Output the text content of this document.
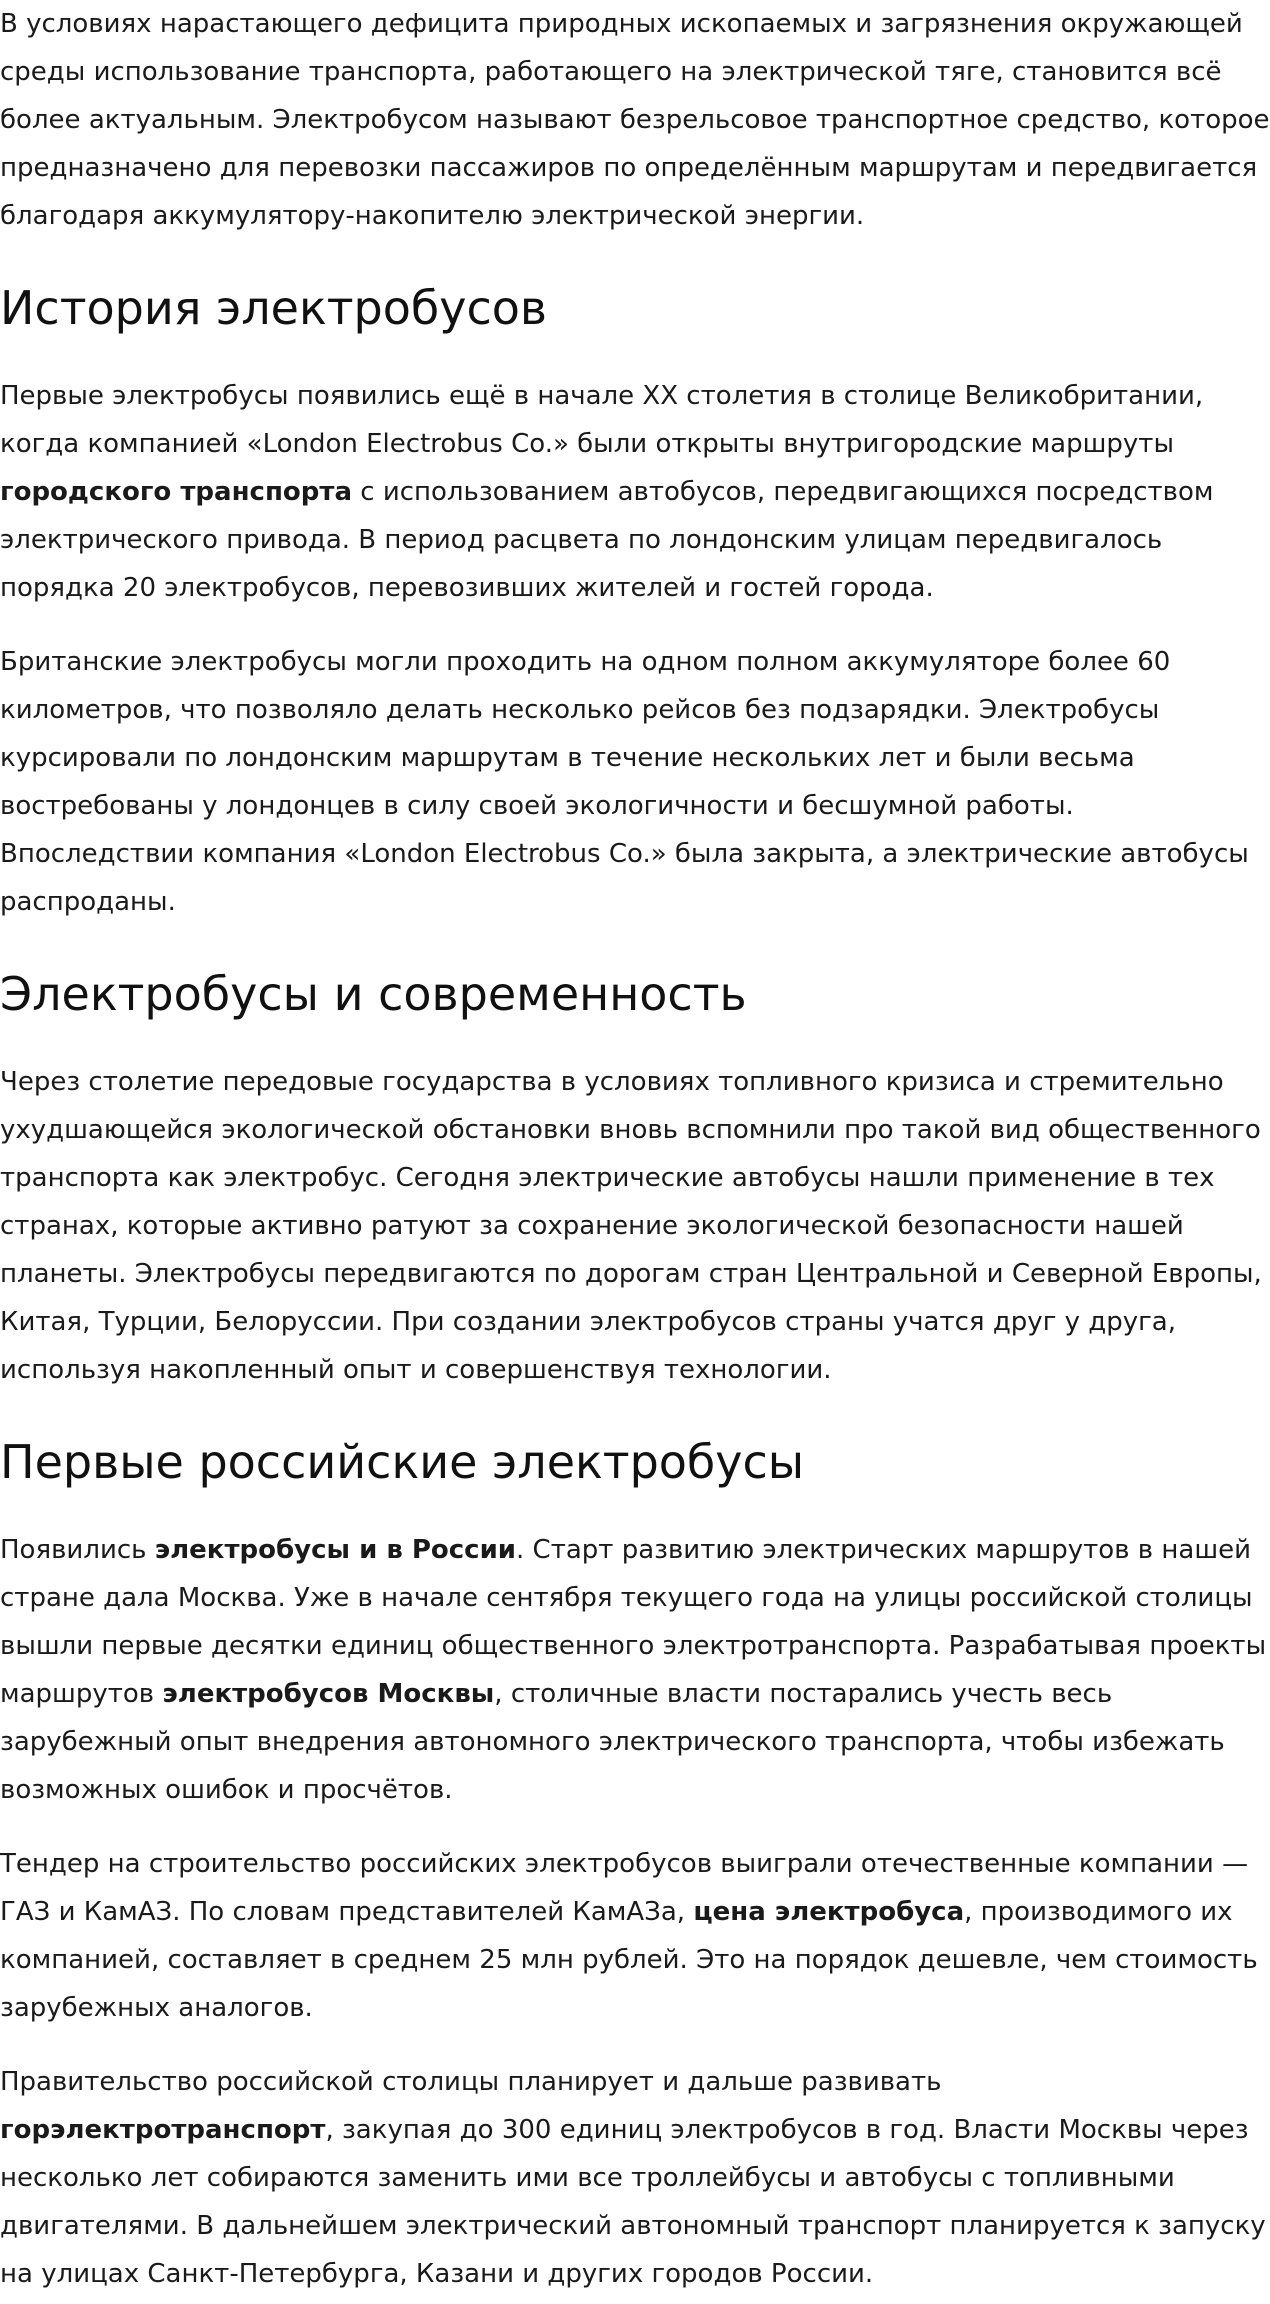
В условиях нарастающего дефицита природных ископаемых и загрязнения окружающей среды использование транспорта, работающего на электрической тяге, становится всё более актуальным. Электробусом называют безрельсовое транспортное средство, которое предназначено для перевозки пассажиров по определённым маршрутам и передвигается благодаря аккумулятору-накопителю электрической энергии.

История электробусов

Первые электробусы появились ещё в начале XX столетия в столице Великобритании, когда компанией «London Electrobus Co.» были открыты внутригородские маршруты городского транспорта с использованием автобусов, передвигающихся посредством электрического привода. В период расцвета по лондонским улицам передвигалось порядка 20 электробусов, перевозивших жителей и гостей города.

Британские электробусы могли проходить на одном полном аккумуляторе более 60 километров, что позволяло делать несколько рейсов без подзарядки. Электробусы курсировали по лондонским маршрутам в течение нескольких лет и были весьма востребованы у лондонцев в силу своей экологичности и бесшумной работы. Впоследствии компания «London Electrobus Co.» была закрыта, а электрические автобусы распроданы.

Электробусы и современность

Через столетие передовые государства в условиях топливного кризиса и стремительно ухудшающейся экологической обстановки вновь вспомнили про такой вид общественного транспорта как электробус. Сегодня электрические автобусы нашли применение в тех странах, которые активно ратуют за сохранение экологической безопасности нашей планеты. Электробусы передвигаются по дорогам стран Центральной и Северной Европы, Китая, Турции, Белоруссии. При создании электробусов страны учатся друг у друга, используя накопленный опыт и совершенствуя технологии.

Первые российские электробусы

Появились электробусы и в России. Старт развитию электрических маршрутов в нашей стране дала Москва. Уже в начале сентября текущего года на улицы российской столицы вышли первые десятки единиц общественного электротранспорта. Разрабатывая проекты маршрутов электробусов Москвы, столичные власти постарались учесть весь зарубежный опыт внедрения автономного электрического транспорта, чтобы избежать возможных ошибок и просчётов.

Тендер на строительство российских электробусов выиграли отечественные компании — ГАЗ и КамАЗ. По словам представителей КамАЗа, цена электробуса, производимого их компанией, составляет в среднем 25 млн рублей. Это на порядок дешевле, чем стоимость зарубежных аналогов.

Правительство российской столицы планирует и дальше развивать горэлектротранспорт, закупая до 300 единиц электробусов в год. Власти Москвы через несколько лет собираются заменить ими все троллейбусы и автобусы с топливными двигателями. В дальнейшем электрический автономный транспорт планируется к запуску на улицах Санкт-Петербурга, Казани и других городов России.
